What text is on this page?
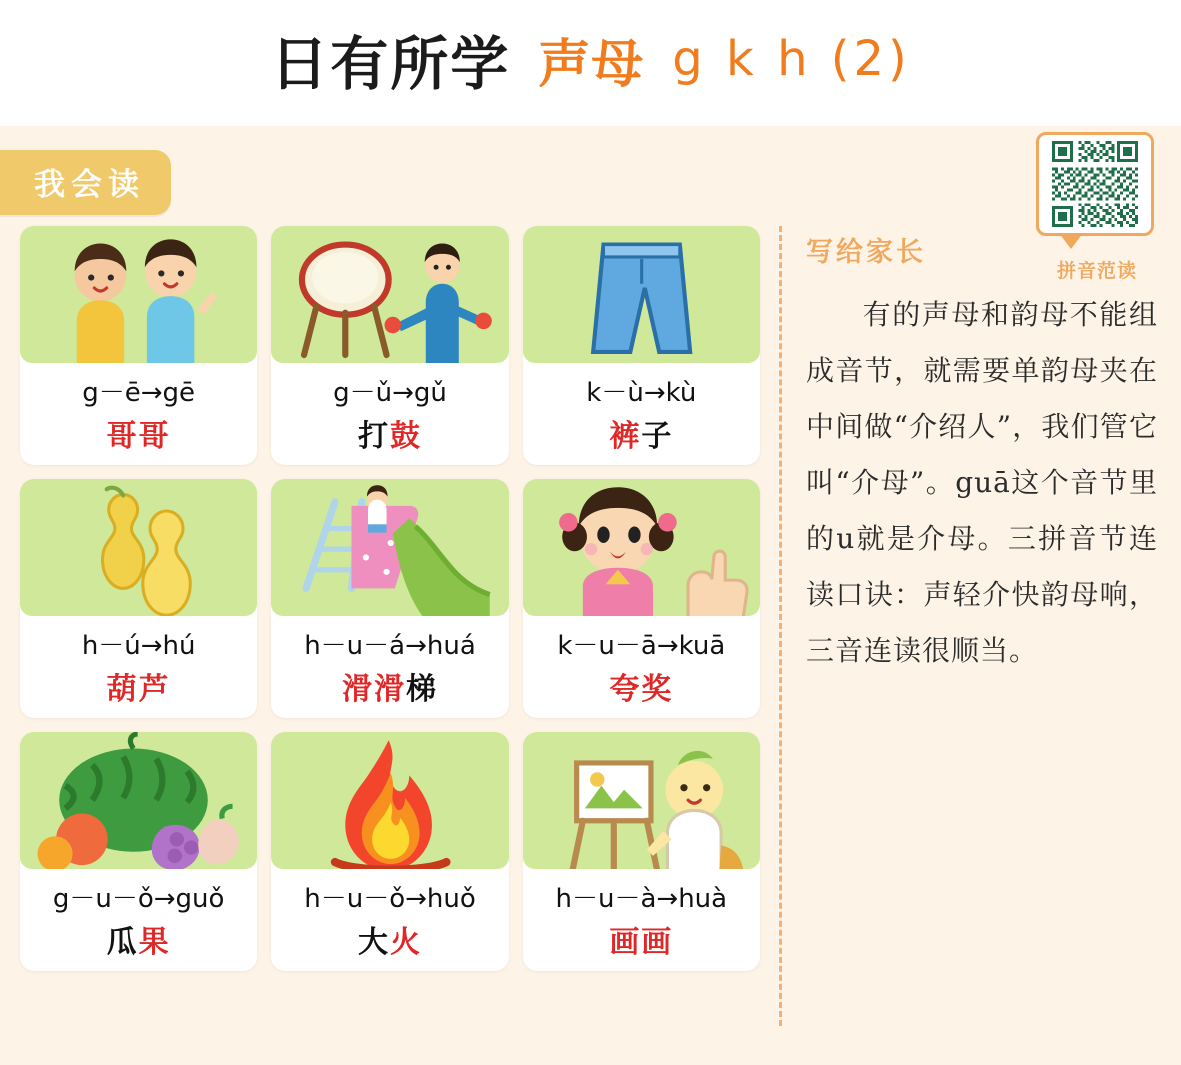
日有所学 声母 g k h (2)
我会读
g－ē→gē
哥哥
g－ǔ→gǔ
打鼓
k－ù→kù
裤子
h－ú→hú
葫芦
h－u－á→huá
滑滑梯
k－u－ā→kuā
夸奖
g－u－ǒ→guǒ
瓜果
h－u－ǒ→huǒ
大火
h－u－à→huà
画画
写给家长
有的声母和韵母不能组成音节，就需要单韵母夹在中间做“介绍人”，我们管它叫“介母”。guā这个音节里的u就是介母。三拼音节连读口诀：声轻介快韵母响，三音连读很顺当。
拼音范读
